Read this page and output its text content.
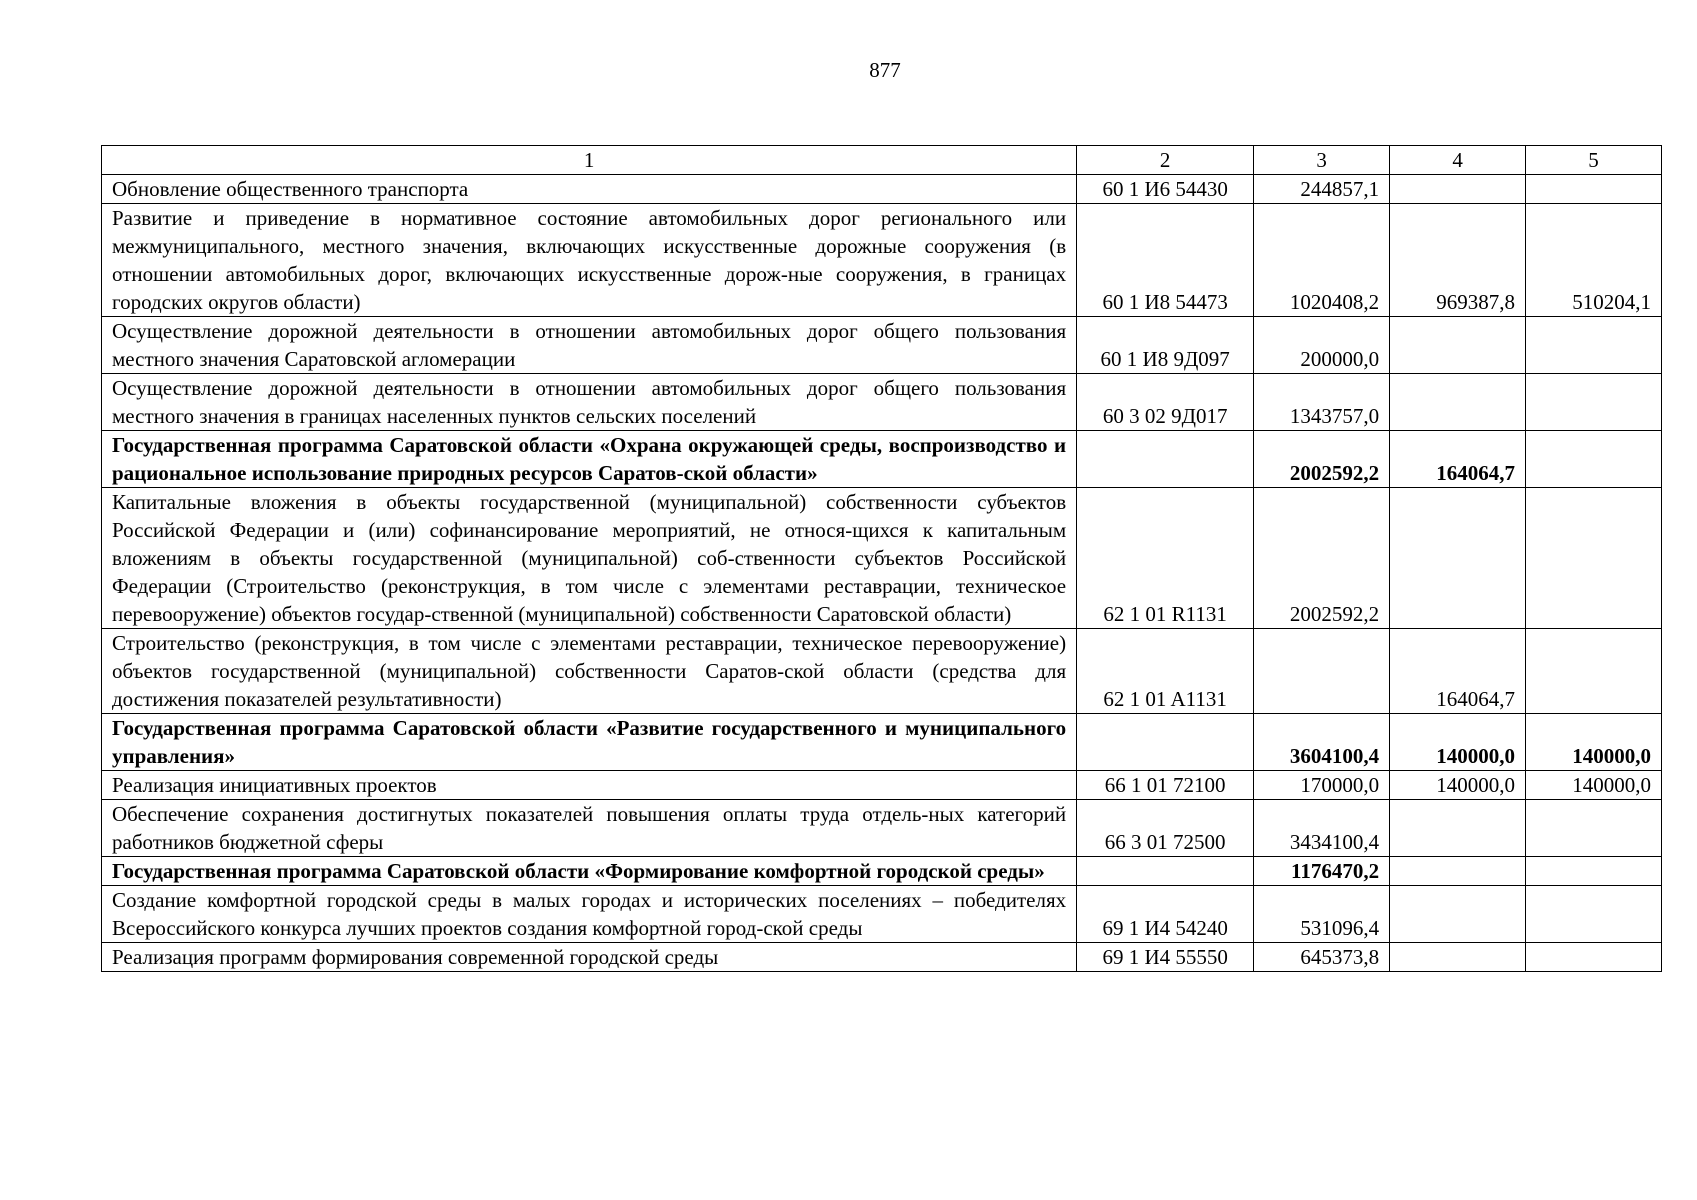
877
1	2	3	4	5
Обновление общественного транспорта	60 1 И6 54430	244857,1		
Развитие и приведение в нормативное состояние автомобильных дорог регионального или межмуниципального, местного значения, включающих искусственные дорожные сооружения (в отношении автомобильных дорог, включающих искусственные дорож-ные сооружения, в границах городских округов области)	60 1 И8 54473	1020408,2	969387,8	510204,1
Осуществление дорожной деятельности в отношении автомобильных дорог общего пользования местного значения Саратовской агломерации	60 1 И8 9Д097	200000,0		
Осуществление дорожной деятельности в отношении автомобильных дорог общего пользования местного значения в границах населенных пунктов сельских поселений	60 3 02 9Д017	1343757,0		
Государственная программа Саратовской области «Охрана окружающей среды, воспроизводство и рациональное использование природных ресурсов Саратов-ской области»		2002592,2	164064,7	
Капитальные вложения в объекты государственной (муниципальной) собственности субъектов Российской Федерации и (или) софинансирование мероприятий, не относя-щихся к капитальным вложениям в объекты государственной (муниципальной) соб-ственности субъектов Российской Федерации (Строительство (реконструкция, в том числе с элементами реставрации, техническое перевооружение) объектов государ-ственной (муниципальной) собственности Саратовской области)	62 1 01 R1131	2002592,2		
Строительство (реконструкция, в том числе с элементами реставрации, техническое перевооружение) объектов государственной (муниципальной) собственности Саратов-ской области (средства для достижения показателей результативности)	62 1 01 A1131		164064,7	
Государственная программа Саратовской области «Развитие государственного и муниципального управления»		3604100,4	140000,0	140000,0
Реализация инициативных проектов	66 1 01 72100	170000,0	140000,0	140000,0
Обеспечение сохранения достигнутых показателей повышения оплаты труда отдель-ных категорий работников бюджетной сферы	66 3 01 72500	3434100,4		
Государственная программа Саратовской области «Формирование комфортной городской среды»		1176470,2		
Создание комфортной городской среды в малых городах и исторических поселениях – победителях Всероссийского конкурса лучших проектов создания комфортной город-ской среды	69 1 И4 54240	531096,4		
Реализация программ формирования современной городской среды	69 1 И4 55550	645373,8		
